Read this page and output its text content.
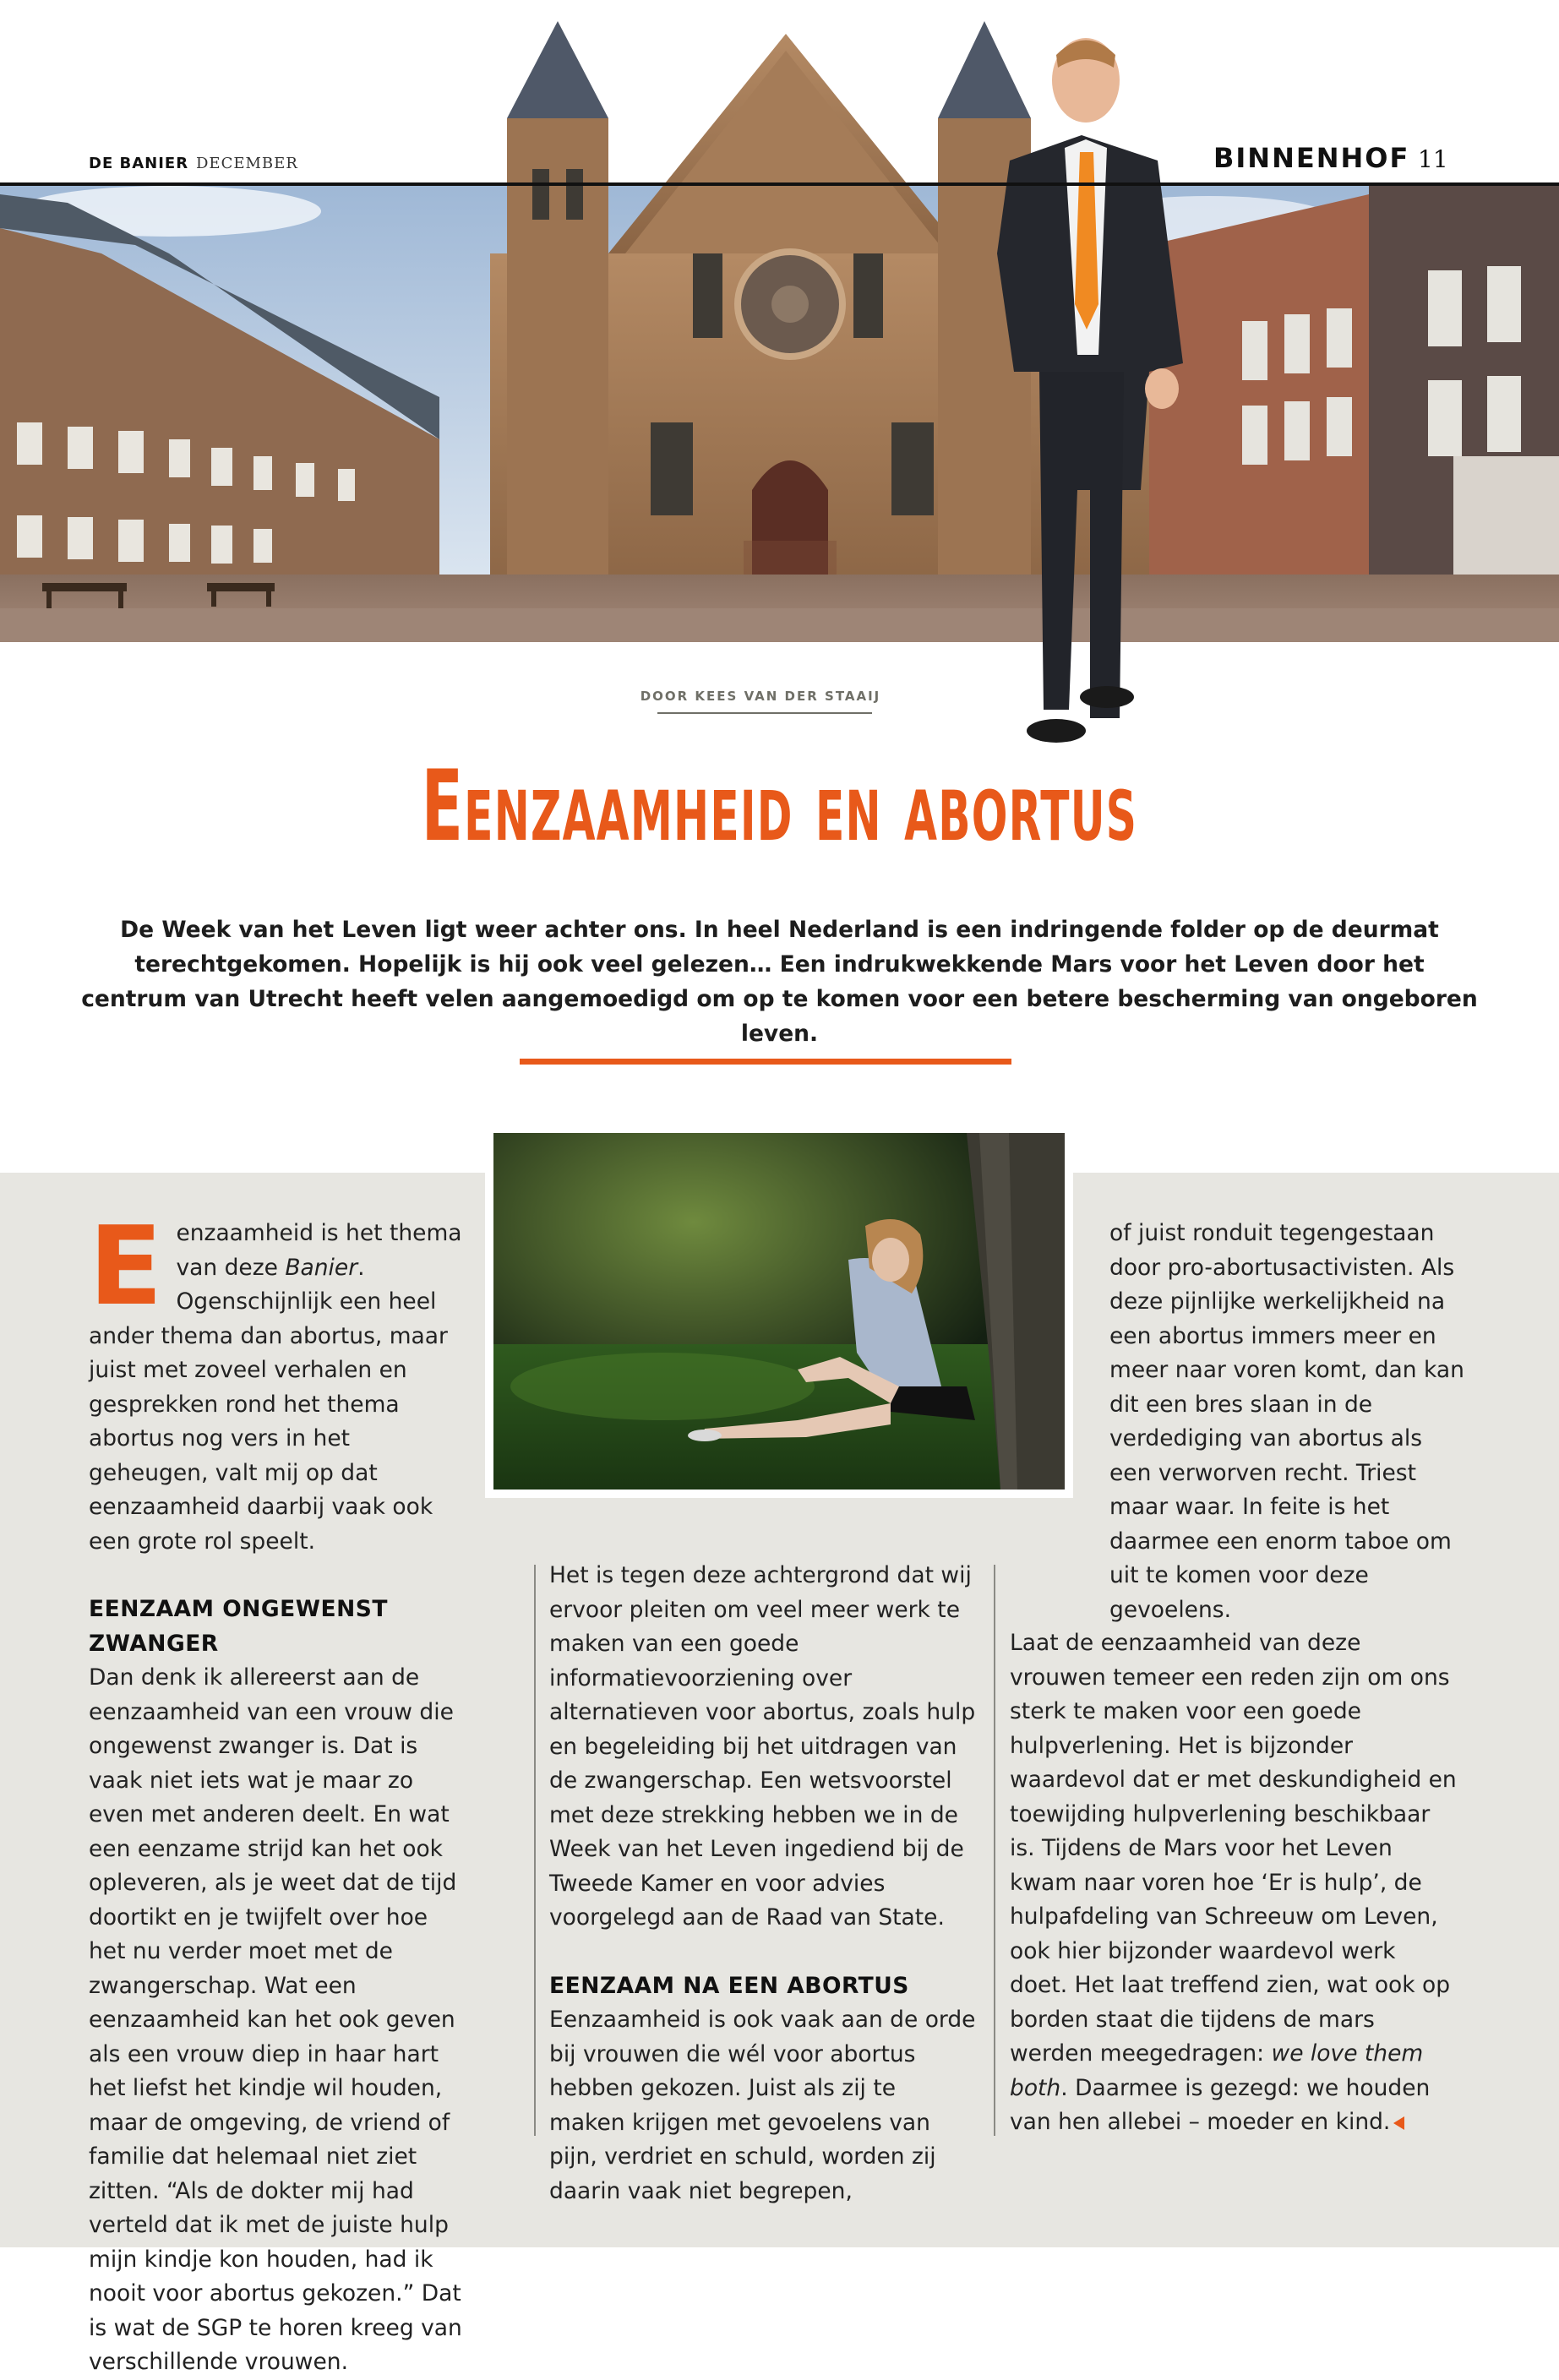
DE BANIER DECEMBER	BINNENHOF 11
DOOR KEES VAN DER STAAIJ
Eenzaamheid en abortus
De Week van het Leven ligt weer achter ons. In heel Nederland is een indringende folder op de deurmat terechtgekomen. Hopelijk is hij ook veel gelezen… Een indrukwekkende Mars voor het Leven door het centrum van Utrecht heeft velen aangemoedigd om op te komen voor een betere bescherming van ongeboren leven.

Eenzaamheid is het thema van deze Banier. Ogenschijnlijk een heel ander thema dan abortus, maar juist met zoveel verhalen en gesprekken rond het thema abortus nog vers in het geheugen, valt mij op dat eenzaamheid daarbij vaak ook een grote rol speelt.

EENZAAM ONGEWENST ZWANGER

Dan denk ik allereerst aan de eenzaamheid van een vrouw die ongewenst zwanger is. Dat is vaak niet iets wat je maar zo even met anderen deelt. En wat een eenzame strijd kan het ook opleveren, als je weet dat de tijd doortikt en je twijfelt over hoe het nu verder moet met de zwangerschap. Wat een eenzaamheid kan het ook geven als een vrouw diep in haar hart het liefst het kindje wil houden, maar de omgeving, de vriend of familie dat helemaal niet ziet zitten. “Als de dokter mij had verteld dat ik met de juiste hulp mijn kindje kon houden, had ik nooit voor abortus gekozen.” Dat is wat de SGP te horen kreeg van verschillende vrouwen.

Het is tegen deze achtergrond dat wij ervoor pleiten om veel meer werk te maken van een goede informatievoorziening over alternatieven voor abortus, zoals hulp en begeleiding bij het uitdragen van de zwangerschap. Een wetsvoorstel met deze strekking hebben we in de Week van het Leven ingediend bij de Tweede Kamer en voor advies voorgelegd aan de Raad van State.

EENZAAM NA EEN ABORTUS

Eenzaamheid is ook vaak aan de orde bij vrouwen die wél voor abortus hebben gekozen. Juist als zij te maken krijgen met gevoelens van pijn, verdriet en schuld, worden zij daarin vaak niet begrepen,

of juist ronduit tegengestaan door pro-abortusactivisten. Als deze pijnlijke werkelijkheid na een abortus immers meer en meer naar voren komt, dan kan dit een bres slaan in de verdediging van abortus als een verworven recht. Triest maar waar. In feite is het daarmee een enorm taboe om uit te komen voor deze gevoelens.

Laat de eenzaamheid van deze vrouwen temeer een reden zijn om ons sterk te maken voor een goede hulpverlening. Het is bijzonder waardevol dat er met deskundigheid en toewijding hulpverlening beschikbaar is. Tijdens de Mars voor het Leven kwam naar voren hoe ‘Er is hulp’, de hulpafdeling van Schreeuw om Leven, ook hier bijzonder waardevol werk doet. Het laat treffend zien, wat ook op borden staat die tijdens de mars werden meegedragen: we love them both. Daarmee is gezegd: we houden van hen allebei – moeder en kind.
